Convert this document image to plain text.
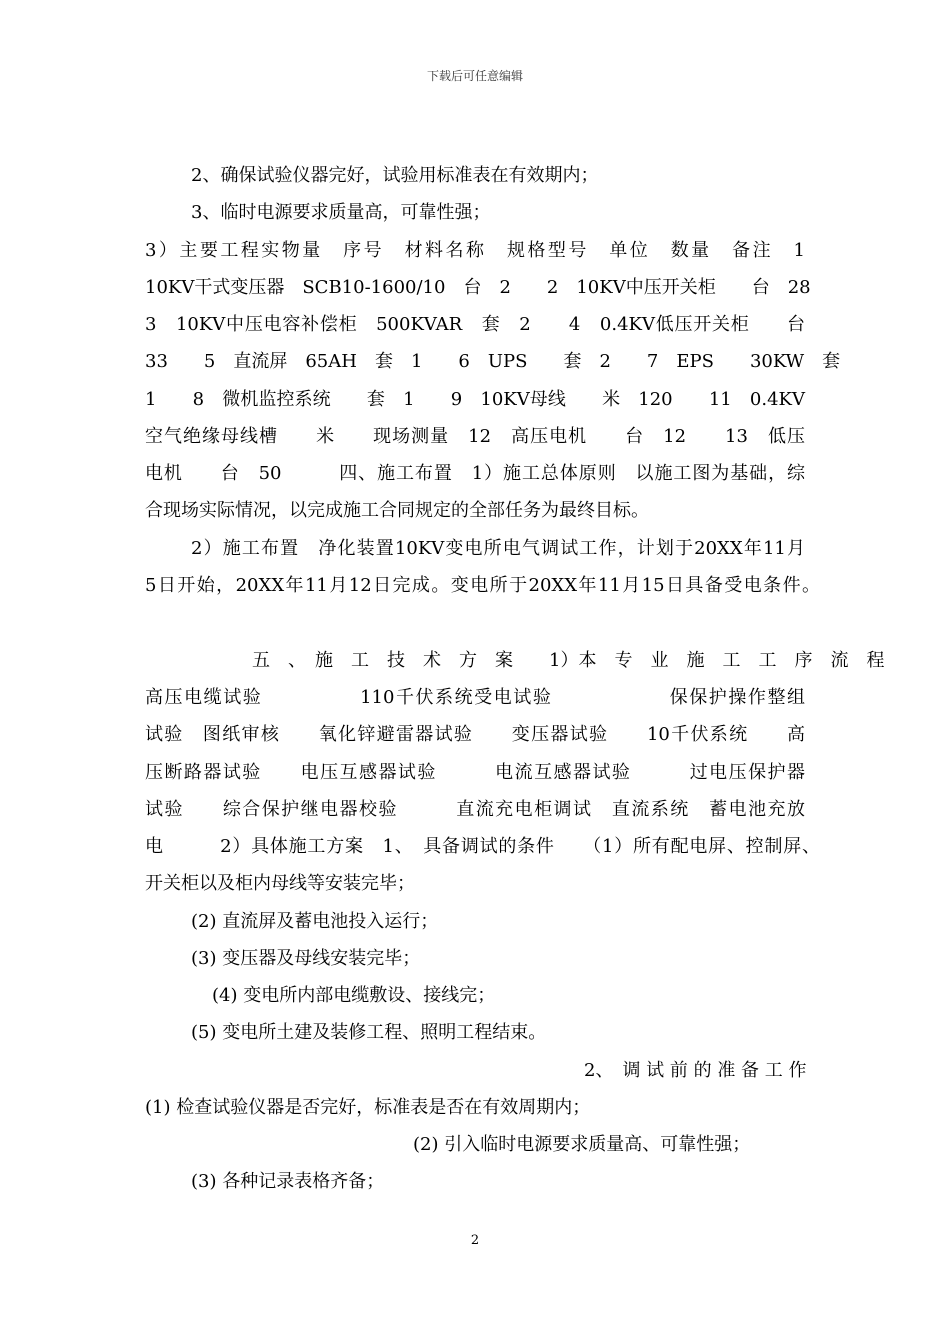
下载后可任意编辑
2、确保试验仪器完好，试验用标准表在有效期内；
3、临时电源要求质量高，可靠性强；
3）主要工程实物量　序号　材料名称　规格型号　单位　数量　备注　1
10KV干式变压器　SCB10-1600/10　台　2　　2　10KV中压开关柜　　台　28
3　10KV中压电容补偿柜　500KVAR　套　2　　4　0.4KV低压开关柜　　台
33　　5　直流屏　65AH　套　1　　6　UPS　　套　2　　7　EPS　　30KW　套
1　　8　微机监控系统　　套　1　　9　10KV母线　　米　120　　11　0.4KV
空气绝缘母线槽　　米　　现场测量　12　高压电机　　台　12　　13　低压
电机　　台　50　　　四、施工布置　1）施工总体原则　以施工图为基础，综
合现场实际情况，以完成施工合同规定的全部任务为最终目标。
2）施工布置　净化装置10KV变电所电气调试工作，计划于20XX年11月
5日开始，20XX年11月12日完成。变电所于20XX年11月15日具备受电条件。
五　、　施　工　技　术　方　案　　1）本　专　业　施　工　工　序　流　程
高压电缆试验　　　　　110千伏系统受电试验　　　　　　保保护操作整组
试验　图纸审核　　氧化锌避雷器试验　　变压器试验　　10千伏系统　　高
压断路器试验　　电压互感器试验　　　电流互感器试验　　　过电压保护器
试验　　综合保护继电器校验　　　直流充电柜调试　直流系统　蓄电池充放
电　　　2）具体施工方案　1、　具备调试的条件　　（1）所有配电屏、控制屏、
开关柜以及柜内母线等安装完毕；
(2) 直流屏及蓄电池投入运行；
(3) 变压器及母线安装完毕；
(4) 变电所内部电缆敷设、接线完；
(5) 变电所土建及装修工程、照明工程结束。
2、　调 试 前 的 准 备 工 作
(1) 检查试验仪器是否完好，标准表是否在有效周期内；
(2) 引入临时电源要求质量高、可靠性强；
(3) 各种记录表格齐备；
2
